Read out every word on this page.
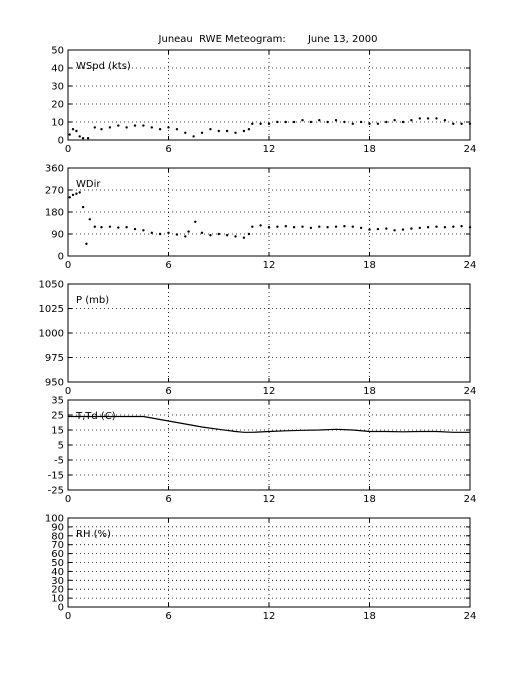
Juneau  RWE Meteogram:       June 13, 2000
0	6	12	18	24
0
10
20
30
40
50
WSpd (kts)
0	6	12	18	24
0
90
180
270
360
WDir
0	6	12	18	24
950
975
1000
1025
1050
P (mb)
0	6	12	18	24
-25
-15
-5
5
15
25
35
T,Td (C)
0	6	12	18	24
0
10
20
30
40
50
60
70
80
90
100
RH (%)
